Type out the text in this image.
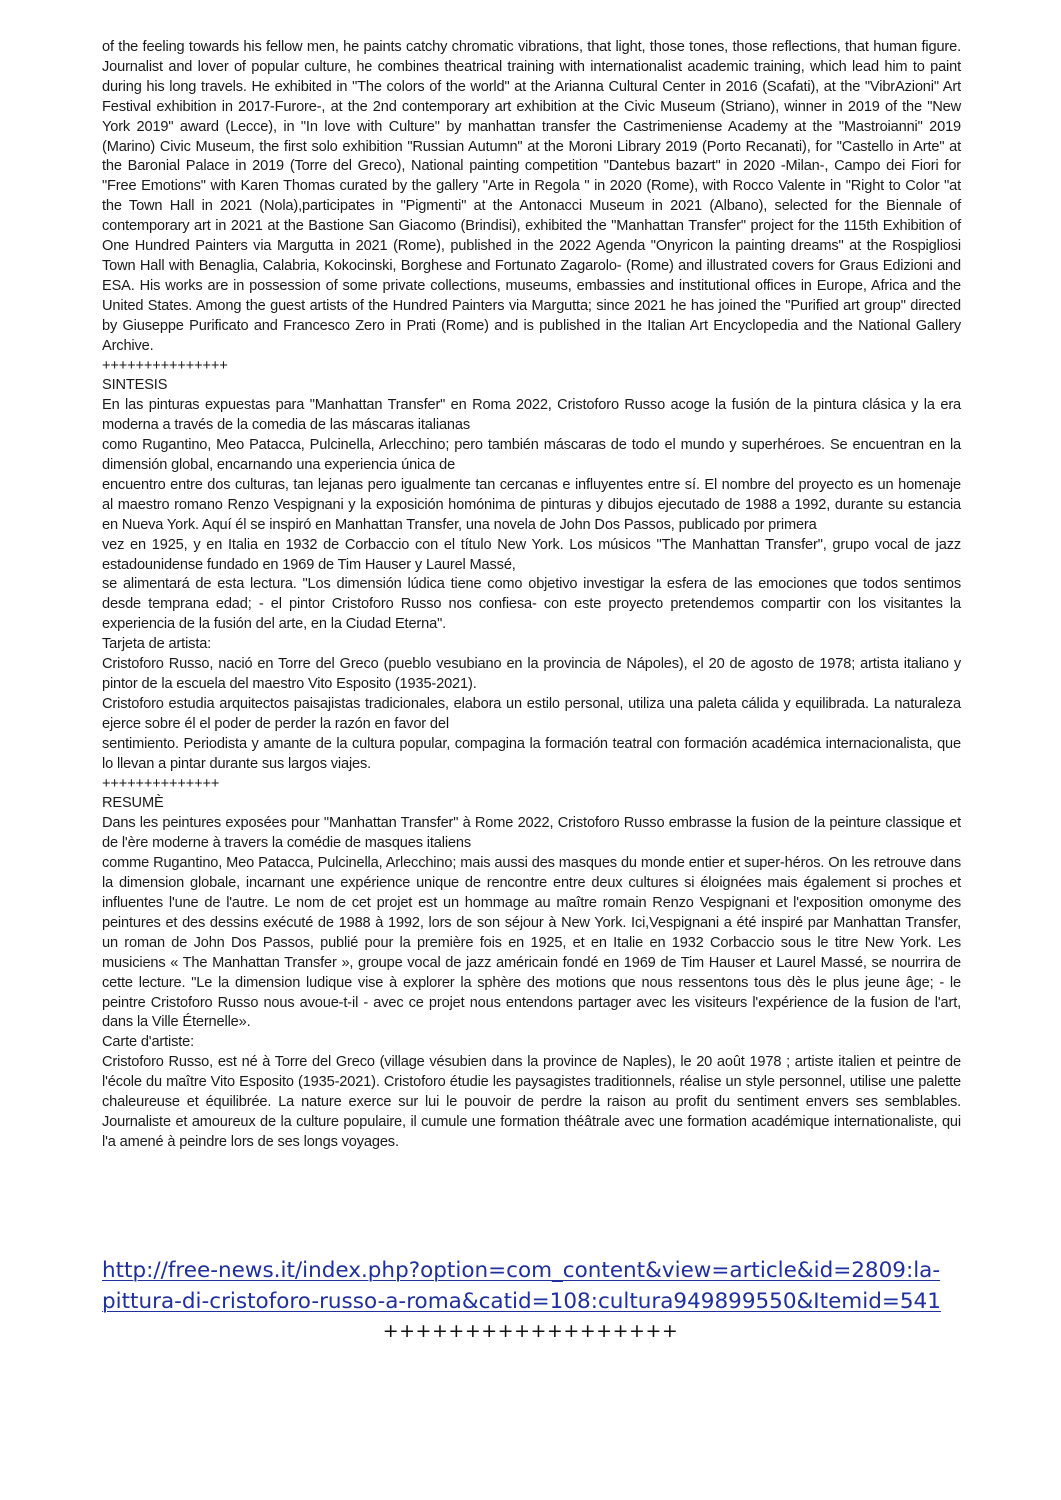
of the feeling towards his fellow men, he paints catchy chromatic vibrations, that light, those tones, those reflections, that human figure. Journalist and lover of popular culture, he combines theatrical training with internationalist academic training, which lead him to paint during his long travels. He exhibited in "The colors of the world" at the Arianna Cultural Center in 2016 (Scafati), at the "VibrAzioni" Art Festival exhibition in 2017-Furore-, at the 2nd contemporary art exhibition at the Civic Museum (Striano), winner in 2019 of the "New York 2019" award (Lecce), in "In love with Culture" by manhattan transfer the Castrimeniense Academy at the "Mastroianni" 2019 (Marino) Civic Museum, the first solo exhibition "Russian Autumn" at the Moroni Library 2019 (Porto Recanati), for "Castello in Arte" at the Baronial Palace in 2019 (Torre del Greco), National painting competition "Dantebus bazart" in 2020 -Milan-, Campo dei Fiori for "Free Emotions" with Karen Thomas curated by the gallery "Arte in Regola " in 2020 (Rome), with Rocco Valente in "Right to Color "at the Town Hall in 2021 (Nola),participates in "Pigmenti" at the Antonacci Museum in 2021 (Albano), selected for the Biennale of contemporary art in 2021 at the Bastione San Giacomo (Brindisi), exhibited the "Manhattan Transfer" project for the 115th Exhibition of One Hundred Painters via Margutta in 2021 (Rome), published in the 2022 Agenda "Onyricon la painting dreams" at the Rospigliosi Town Hall with Benaglia, Calabria, Kokocinski, Borghese and Fortunato Zagarolo- (Rome) and illustrated covers for Graus Edizioni and ESA. His works are in possession of some private collections, museums, embassies and institutional offices in Europe, Africa and the United States. Among the guest artists of the Hundred Painters via Margutta; since 2021 he has joined the "Purified art group" directed by Giuseppe Purificato and Francesco Zero in Prati (Rome) and is published in the Italian Art Encyclopedia and the National Gallery Archive.

+++++++++++++++

SINTESIS

En las pinturas expuestas para "Manhattan Transfer" en Roma 2022, Cristoforo Russo acoge la fusión de la pintura clásica y la era moderna a través de la comedia de las máscaras italianas

como Rugantino, Meo Patacca, Pulcinella, Arlecchino; pero también máscaras de todo el mundo y superhéroes. Se encuentran en la dimensión global, encarnando una experiencia única de

encuentro entre dos culturas, tan lejanas pero igualmente tan cercanas e influyentes entre sí. El nombre del proyecto es un homenaje al maestro romano Renzo Vespignani y la exposición homónima de pinturas y dibujos ejecutado de 1988 a 1992, durante su estancia en Nueva York. Aquí él se inspiró en Manhattan Transfer, una novela de John Dos Passos, publicado por primera

vez en 1925, y en Italia en 1932 de Corbaccio con el título New York. Los músicos "The Manhattan Transfer", grupo vocal de jazz estadounidense fundado en 1969 de Tim Hauser y Laurel Massé,

se alimentará de esta lectura. "Los dimensión lúdica tiene como objetivo investigar la esfera de las emociones que todos sentimos desde temprana edad; - el pintor Cristoforo Russo nos confiesa- con este proyecto pretendemos compartir con los visitantes la experiencia de la fusión del arte, en la Ciudad Eterna".

Tarjeta de artista:

Cristoforo Russo, nació en Torre del Greco (pueblo vesubiano en la provincia de Nápoles), el 20 de agosto de 1978; artista italiano y pintor de la escuela del maestro Vito Esposito (1935-2021).

Cristoforo estudia arquitectos paisajistas tradicionales, elabora un estilo personal, utiliza una paleta cálida y equilibrada. La naturaleza ejerce sobre él el poder de perder la razón en favor del

sentimiento. Periodista y amante de la cultura popular, compagina la formación teatral con formación académica internacionalista, que lo llevan a pintar durante sus largos viajes.

++++++++++++++

RESUMÈ

Dans les peintures exposées pour "Manhattan Transfer" à Rome 2022, Cristoforo Russo embrasse la fusion de la peinture classique et de l'ère moderne à travers la comédie de masques italiens

comme Rugantino, Meo Patacca, Pulcinella, Arlecchino; mais aussi des masques du monde entier et super-héros. On les retrouve dans la dimension globale, incarnant une expérience unique de rencontre entre deux cultures si éloignées mais également si proches et influentes l'une de l'autre. Le nom de cet projet est un hommage au maître romain Renzo Vespignani et l'exposition omonyme des peintures et des dessins exécuté de 1988 à 1992, lors de son séjour à New York. Ici,Vespignani a été inspiré par Manhattan Transfer, un roman de John Dos Passos, publié pour la première fois en 1925, et en Italie en 1932 Corbaccio sous le titre New York. Les musiciens « The Manhattan Transfer », groupe vocal de jazz américain fondé en 1969 de Tim Hauser et Laurel Massé, se nourrira de cette lecture. "Le la dimension ludique vise à explorer la sphère des motions que nous ressentons tous dès le plus jeune âge; - le peintre Cristoforo Russo nous avoue-t-il - avec ce projet nous entendons partager avec les visiteurs l'expérience de la fusion de l'art, dans la Ville Éternelle».

Carte d'artiste:

Cristoforo Russo, est né à Torre del Greco (village vésubien dans la province de Naples), le 20 août 1978 ; artiste italien et peintre de l'école du maître Vito Esposito (1935-2021). Cristoforo étudie les paysagistes traditionnels, réalise un style personnel, utilise une palette chaleureuse et équilibrée. La nature exerce sur lui le pouvoir de perdre la raison au profit du sentiment envers ses semblables. Journaliste et amoureux de la culture populaire, il cumule une formation théâtrale avec une formation académique internationaliste, qui l'a amené à peindre lors de ses longs voyages.

http://free-news.it/index.php?option=com_content&view=article&id=2809:la-
pittura-di-cristoforo-russo-a-roma&catid=108:cultura949899550&Itemid=541
++++++++++++++++++
